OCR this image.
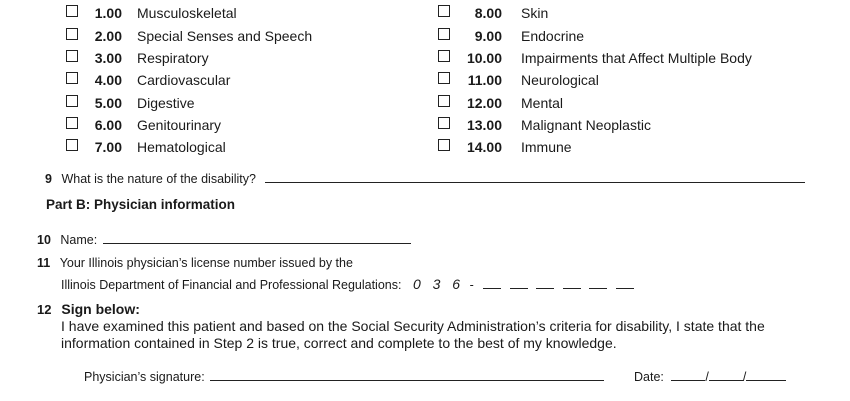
1.00 Musculoskeletal
2.00 Special Senses and Speech
3.00 Respiratory
4.00 Cardiovascular
5.00 Digestive
6.00 Genitourinary
7.00 Hematological
8.00 Skin
9.00 Endocrine
10.00 Impairments that Affect Multiple Body
11.00 Neurological
12.00 Mental
13.00 Malignant Neoplastic
14.00 Immune
9 What is the nature of the disability?
Part B: Physician information
10 Name:
11 Your Illinois physician’s license number issued by the
Illinois Department of Financial and Professional Regulations: 0 3 6 -
12 Sign below:
I have examined this patient and based on the Social Security Administration’s criteria for disability, I state that the
information contained in Step 2 is true, correct and complete to the best of my knowledge.
Physician’s signature:	Date:	/	/
